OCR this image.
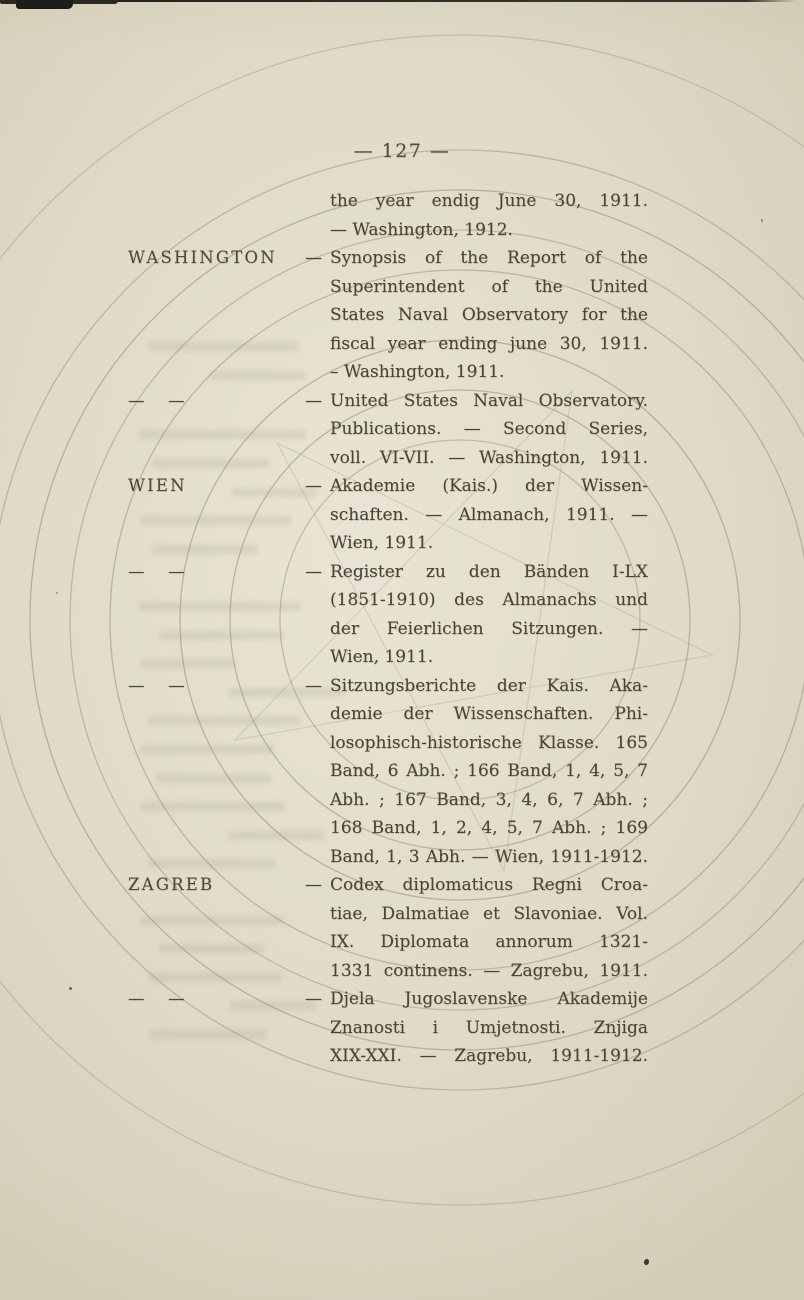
— 127 —
the year endig June 30, 1911.
— Washington, 1912.
WASHINGTON	— Synopsis of the Report of the
Superintendent of the United
States Naval Observatory for the
fiscal year ending june 30, 1911.
– Washington, 1911.
— —	— United States Naval Observatory.
Publications. — Second Series,
voll. VI-VII. — Washington, 1911.
WIEN	— Akademie (Kais.) der Wissen-
schaften. — Almanach, 1911. —
Wien, 1911.
— —	— Register zu den Bänden I-LX
(1851-1910) des Almanachs und
der Feierlichen Sitzungen. —
Wien, 1911.
— —	— Sitzungsberichte der Kais. Aka-
demie der Wissenschaften. Phi-
losophisch-historische Klasse. 165
Band, 6 Abh. ; 166 Band, 1, 4, 5, 7
Abh. ; 167 Band, 3, 4, 6, 7 Abh. ;
168 Band, 1, 2, 4, 5, 7 Abh. ; 169
Band, 1, 3 Abh. — Wien, 1911-1912.
ZAGREB	— Codex diplomaticus Regni Croa-
tiae, Dalmatiae et Slavoniae. Vol.
IX. Diplomata annorum 1321-
1331 continens. — Zagrebu, 1911.
— —	— Djela Jugoslavenske Akademije
Znanosti i Umjetnosti. Znjiga
XIX-XXI. — Zagrebu, 1911-1912.
